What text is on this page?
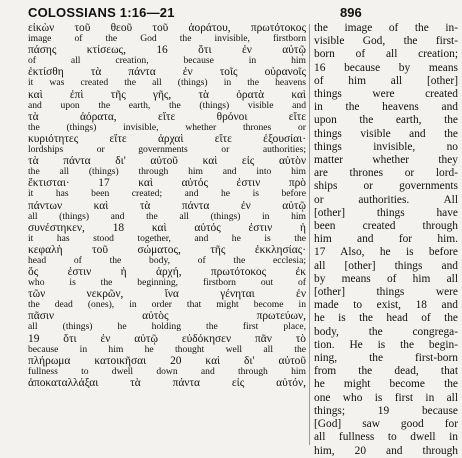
COLOSSIANS 1:16—21	896
εἰκὼν τοῦ θεοῦ τοῦ ἀοράτου, πρωτότοκος
image of the God the invisible, firstborn
πάσης κτίσεως, 16 ὅτι ἐν αὐτῷ
of all creation, because in him
ἐκτίσθη τὰ πάντα ἐν τοῖς οὐρανοῖς
it was created the all (things) in the heavens
καὶ ἐπὶ τῆς γῆς, τὰ ὁρατὰ καὶ
and upon the earth, the (things) visible and
τὰ ἀόρατα, εἴτε θρόνοι εἴτε
the (things) invisible, whether thrones or
κυριότητες εἴτε ἀρχαὶ εἴτε ἐξουσίαι·
lordships or governments or authorities;
τὰ πάντα δι' αὐτοῦ καὶ εἰς αὐτὸν
the all (things) through him and into him
ἔκτισται· 17 καὶ αὐτός ἐστιν πρὸ
it has been created; and he is before
πάντων καὶ τὰ πάντα ἐν αὐτῷ
all (things) and the all (things) in him
συνέστηκεν, 18 καὶ αὐτός ἐστιν ἡ
it has stood together, and he is the
κεφαλὴ τοῦ σώματος, τῆς ἐκκλησίας·
head of the body, of the ecclesia;
ὅς ἐστιν ἡ ἀρχή, πρωτότοκος ἐκ
who is the beginning, firstborn out of
τῶν νεκρῶν, ἵνα γένηται ἐν
the dead (ones), in order that might become in
πᾶσιν αὐτὸς πρωτεύων,
all (things) he holding the first place,
19 ὅτι ἐν αὐτῷ εὐδόκησεν πᾶν τὸ
because in him he thought well all the
πλήρωμα κατοικῆσαι 20 καὶ δι' αὐτοῦ
fullness to dwell down and through him
ἀποκαταλλάξαι τὰ πάντα εἰς αὐτόν,
the image of the in-
visible God, the first-
born of all creation;
16 because by means
of him all [other]
things were created
in the heavens and
upon the earth, the
things visible and the
things invisible, no
matter whether they
are thrones or lord-
ships or governments
or authorities. All
[other] things have
been created through
him and for him.
17 Also, he is before
all [other] things and
by means of him all
[other] things were
made to exist, 18 and
he is the head of the
body, the congrega-
tion. He is the begin-
ning, the first-born
from the dead, that
he might become the
one who is first in all
things; 19 because
[God] saw good for
all fullness to dwell in
him, 20 and through
